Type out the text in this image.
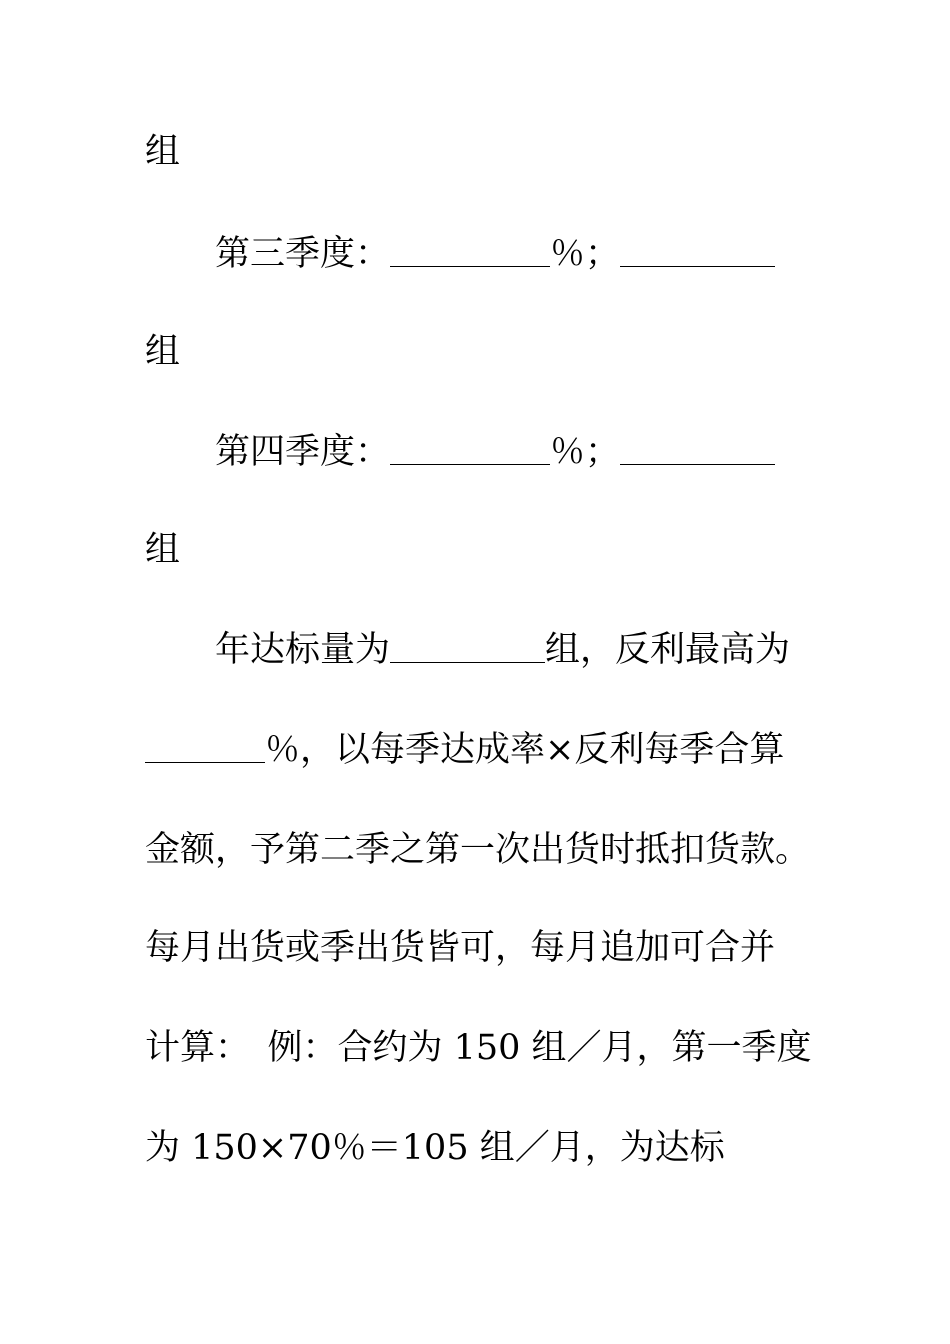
组
第三季度：	％；
组
第四季度：	％；
组
年达标量为	组，反利最高为
％，以每季达成率×反利每季合算
金额，予第二季之第一次出货时抵扣货款。
每月出货或季出货皆可，每月追加可合并
计算：　例：合约为 150 组／月，第一季度
为 150×70％＝105 组／月，为达标
